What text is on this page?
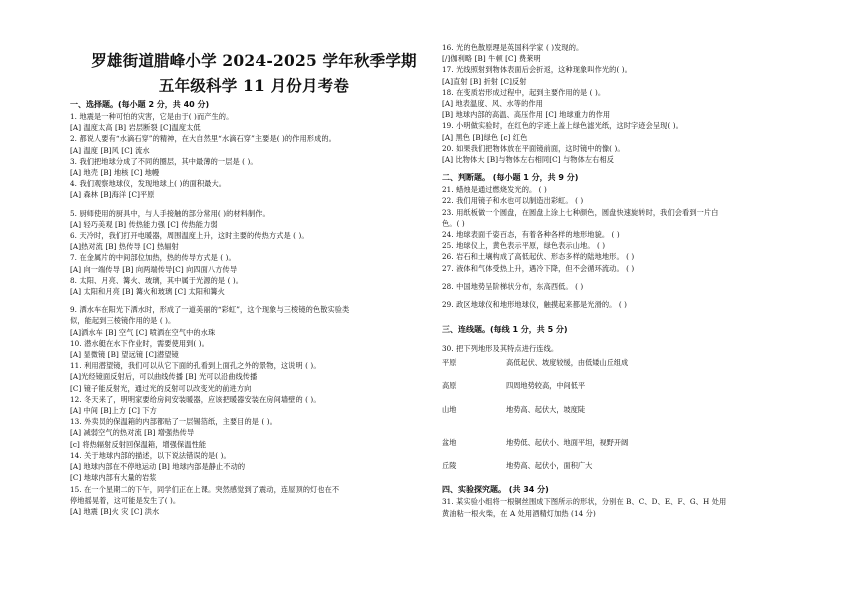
罗雄街道腊峰小学 2024-2025 学年秋季学期
五年级科学 11 月份月考卷
一、选择题。(每小题 2 分，共 40 分)
1. 地震是一种可怕的灾害，它是由于( )而产生的。
[A] 温度太高 [B] 岩层断裂 [C]温度太低
2. 都说人要有“水滴石穿”的精神，在大自然里“水滴石穿”主要是( )的作用形成的。
[A] 温度 [B]风 [C] 流水
3. 我们把地球分成了不同的圈层，其中最薄的一层是 ( )。
[A] 地壳 [B] 地核 [C] 地幔
4. 我们观察地球仪，发现地球上( )的面积最大。
[A] 森林 [B]海洋 [C]平原
5. 厨师使用的厨具中，与人手接触的部分常用( )的材料制作。
[A] 轻巧美观 [B] 传热能力强 [C] 传热能力弱
6. 天冷时，我们打开电暖器，周围温度上升，这时主要的传热方式是 ( )。
[A]热对流 [B] 热传导 [C] 热辐射
7. 在金属片的中间部位加热，热的传导方式是 ( )。
[A] 向一端传导 [B] 向两端传导[C] 向四面八方传导
8. 太阳、月亮、篝火、玻璃，其中属于光源的是 ( )。
[A] 太阳和月亮 [B] 篝火和玻璃 [C] 太阳和篝火
9. 洒水车在阳光下洒水时，形成了一道美丽的“彩虹”，这个现象与三棱镜的色散实验类
似，能起到三棱镜作用的是 ( )。
[A]洒水车 [B] 空气 [C] 喷洒在空气中的水珠
10. 潜水艇在水下作业时，需要使用到( )。
[A] 显微镜 [B] 望远镜 [C]潜望镜
11. 利用潜望镜，我们可以从它下面的孔看到上面孔之外的景物，这说明 ( )。
[A]光经镜面反射后，可以曲线传播 [B] 光可以沿曲线传播
[C] 镜子能反射光，通过光的反射可以改变光的前进方向
12. 冬天来了，明明家要给房间安装暖器，应该把暖器安装在房间墙壁的 ( )。
[A] 中间 [B]上方 [C] 下方
13. 外卖员的保温箱的内部都贴了一层锡箔纸，主要目的是 ( )。
[A] 减弱空气的热对流 [B] 增强热传导
[c] 将热辐射反射回保温箱，增强保温性能
14. 关于地球内部的描述，以下说法错误的是( )。
[A] 地球内部在不停地运动 [B] 地球内部是静止不动的
[C] 地球内部有大量的岩浆
15. 在一个星期二的下午，同学们正在上课。突然感觉到了震动，连屋顶的灯也在不
停地摇晃着，这可能是发生了( )。
[A] 地震 [B]火 灾 [C] 洪水
16. 光的色散原理是英国科学家 ( )发现的。
[/]伽利略 [B] 牛顿 [C] 费莱明
17. 光线照射到物体表面后会折返，这种现象叫作光的( )。
[A]直射 [B] 折射 [C]反射
18. 在变质岩形成过程中，起到主要作用的是 ( )。
[A] 地表温度、风、水等的作用
[B] 地球内部的高温、高压作用 [C] 地球重力的作用
19. 小明做实验时，在红色的字迹上盖上绿色滤光纸，这时字迹会呈现( )。
[A] 黑色 [B]绿色 [c] 红色
20. 如果我们把物体放在平面镜前面，这时镜中的像( )。
[A] 比物体大 [B]与物体左右相同[C] 与物体左右相反
二、判断题。 (每小题 1 分，共 9 分)
21. 蜡烛是通过燃烧发光的。 ( )
22. 我们用镜子和水也可以制造出彩虹。 ( )
23. 用纸板做一个圆盘，在圆盘上涂上七种颜色，圆盘快速旋转时，我们会看到一片白
色。( )
24. 地球表面千姿百态，有着各种各样的地形地貌。 ( )
25. 地球仪上，黄色表示平原，绿色表示山地。 ( )
26. 岩石和土壤构成了高低起伏、形态多样的陆地地形。 ( )
27. 液体和气体受热上升，遇冷下降，但不会循环流动。 ( )
28. 中国地势呈阶梯状分布，东高西低。 ( )
29. 政区地球仪和地形地球仪，触摸起来都是光滑的。 ( )
三、连线题。(每线 1 分，共 5 分)
30. 把下列地形及其特点进行连线。
平原	高低起伏、坡度较缓，由低矮山丘组成
高原	四周地势较高，中间低平
山地	地势高、起伏大，坡度陡
盆地	地势低、起伏小、地面平坦，视野开阔
丘陵	地势高、起伏小，面积广大
四、实验探究题。 (共 34 分)
31. 某实验小组将一根铜丝围成下图所示的形状，分别在 B、C、D、E、F、G、H 处用
黄油粘一根火柴，在 A 处用酒精灯加热 (14 分)
